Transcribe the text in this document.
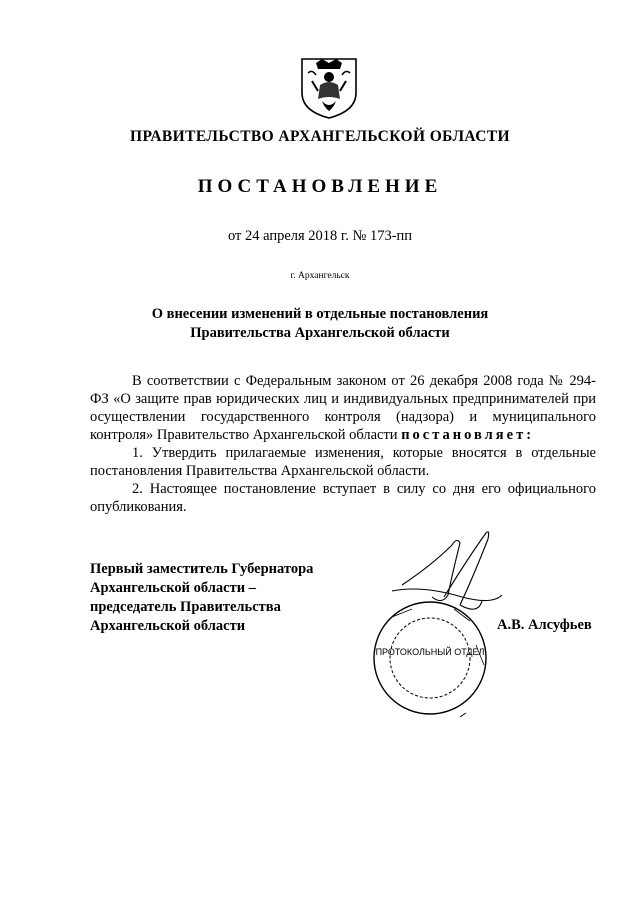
ПРАВИТЕЛЬСТВО АРХАНГЕЛЬСКОЙ ОБЛАСТИ
ПОСТАНОВЛЕНИЕ
от 24 апреля 2018 г. № 173-пп
г. Архангельск
О внесении изменений в отдельные постановления
Правительства Архангельской области

В соответствии с Федеральным законом от 26 декабря 2008 года № 294-ФЗ «О защите прав юридических лиц и индивидуальных предпринимателей при осуществлении государственного контроля (надзора) и муниципального контроля» Правительство Архангельской области постановляет:

1. Утвердить прилагаемые изменения, которые вносятся в отдельные постановления Правительства Архангельской области.

2. Настоящее постановление вступает в силу со дня его официального опубликования.

Первый заместитель Губернатора
Архангельской области –
председатель Правительства
Архангельской области
ПРОТОКОЛЬНЫЙ ОТДЕЛ
А.В. Алсуфьев
